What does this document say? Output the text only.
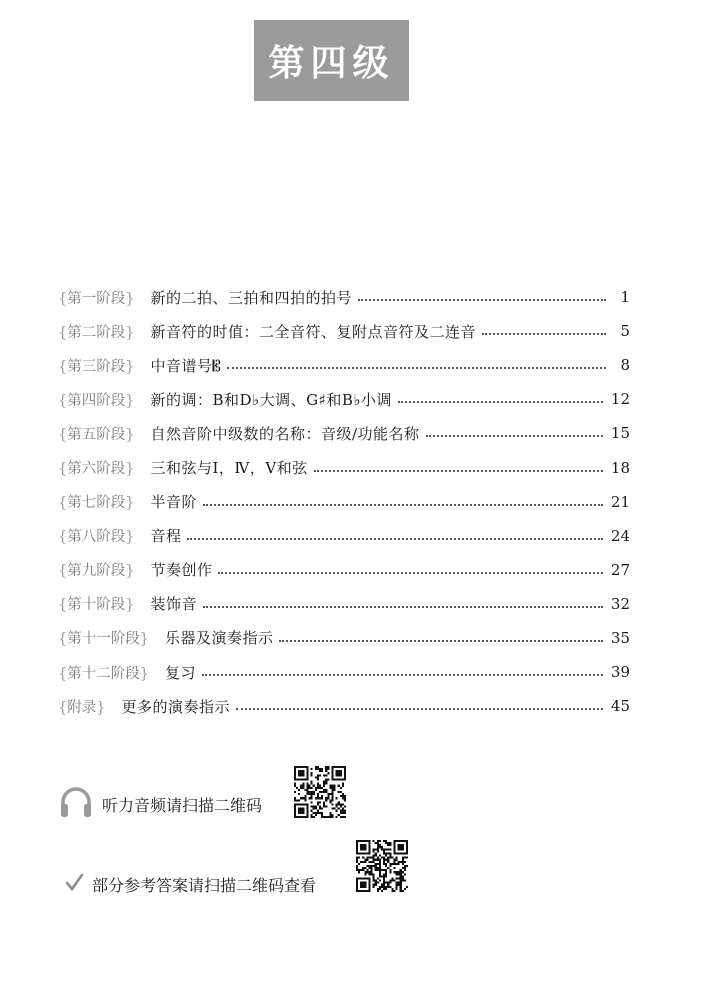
第四级
{第一阶段} 新的二拍、三拍和四拍的拍号	1
{第二阶段} 新音符的时值：二全音符、复附点音符及二连音	5
{第三阶段} 中音谱号𝄡	8
{第四阶段} 新的调：B和D♭大调、G♯和B♭小调	12
{第五阶段} 自然音阶中级数的名称：音级/功能名称	15
{第六阶段} 三和弦与Ⅰ，Ⅳ，Ⅴ和弦	18
{第七阶段} 半音阶	21
{第八阶段} 音程	24
{第九阶段} 节奏创作	27
{第十阶段} 装饰音	32
{第十一阶段} 乐器及演奏指示	35
{第十二阶段} 复习	39
{附录} 更多的演奏指示	45
听力音频请扫描二维码
部分参考答案请扫描二维码查看
